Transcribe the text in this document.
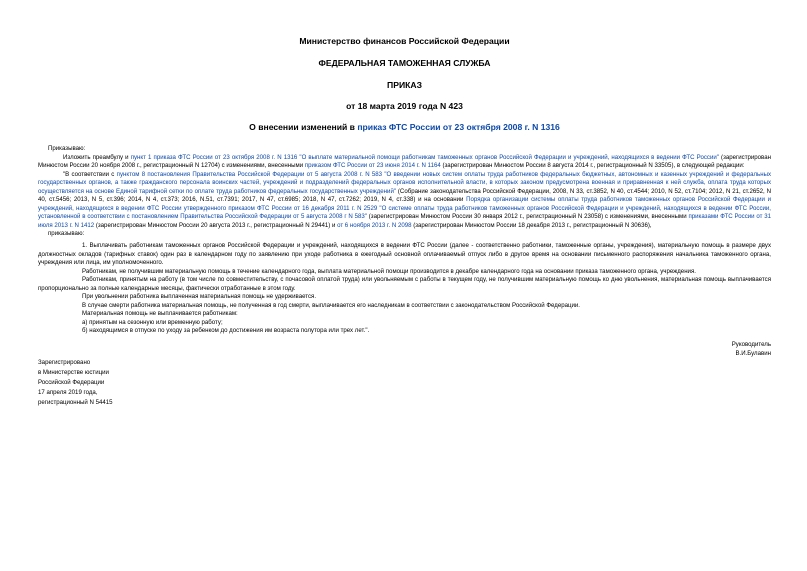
Министерство финансов Российской Федерации
ФЕДЕРАЛЬНАЯ ТАМОЖЕННАЯ СЛУЖБА
ПРИКАЗ
от 18 марта 2019 года N 423
О внесении изменений в приказ ФТС России от 23 октября 2008 г. N 1316

Приказываю:

Изложить преамбулу и пункт 1 приказа ФТС России от 23 октября 2008 г. N 1316 "О выплате материальной помощи работникам таможенных органов Российской Федерации и учреждений, находящихся в ведении ФТС России" (зарегистрирован Минюстом России 20 ноября 2008 г., регистрационный N 12704) с изменениями, внесенными приказом ФТС России от 23 июня 2014 г. N 1164 (зарегистрирован Минюстом России 8 августа 2014 г., регистрационный N 33505), в следующей редакции:

"В соответствии с пунктом 8 постановления Правительства Российской Федерации от 5 августа 2008 г. N 583 "О введении новых систем оплаты труда работников федеральных бюджетных, автономных и казенных учреждений и федеральных государственных органов, а также гражданского персонала воинских частей, учреждений и подразделений федеральных органов исполнительной власти, в которых законом предусмотрена военная и приравненная к ней служба, оплата труда которых осуществляется на основе Единой тарифной сетки по оплате труда работников федеральных государственных учреждений" (Собрание законодательства Российской Федерации, 2008, N 33, ст.3852, N 40, ст.4544; 2010, N 52, ст.7104; 2012, N 21, ст.2652, N 40, ст.5456; 2013, N 5, ст.396; 2014, N 4, ст.373; 2016, N.51, ст.7391; 2017, N 47, ст.6985; 2018, N 47, ст.7262; 2019, N 4, ст.338) и на основании Порядка организации системы оплаты труда работников таможенных органов Российской Федерации и учреждений, находящихся в ведении ФТС России утвержденного приказом ФТС России от 16 декабря 2011 г. N 2529 "О системе оплаты труда работников таможенных органов Российской Федерации и учреждений, находящихся в ведении ФТС России, установленной в соответствии с постановлением Правительства Российской Федерации от 5 августа 2008 г N 583" (зарегистрирован Минюстом России 30 января 2012 г., регистрационный N 23058) с изменениями, внесенными приказами ФТС России от 31 июля 2013 г. N 1412 (зарегистрирован Минюстом России 20 августа 2013 г., регистрационный N 29441) и от 6 ноября 2013 г. N 2098 (зарегистрирован Минюстом России 18 декабря 2013 г., регистрационный N 30636),

приказываю:

1. Выплачивать работникам таможенных органов Российской Федерации и учреждений, находящихся в ведении ФТС России (далее - соответственно работники, таможенные органы, учреждения), материальную помощь в размере двух должностных окладов (тарифных ставок) один раз в календарном году по заявлению при уходе работника в ежегодный основной оплачиваемый отпуск либо в другое время на основании письменного распоряжения начальника таможенного органа, учреждения или лица, им уполномоченного.

Работникам, не получившим материальную помощь в течение календарного года, выплата материальной помощи производится в декабре календарного года на основании приказа таможенного органа, учреждения.

Работникам, принятым на работу (в том числе по совместительству, с почасовой оплатой труда) или увольняемым с работы в текущем году, не получившим материальную помощь ко дню увольнения, материальная помощь выплачивается пропорционально за полные календарные месяцы, фактически отработанные в этом году.

При увольнении работника выплаченная материальная помощь не удерживается.

В случае смерти работника материальная помощь, не полученная в год смерти, выплачивается его наследникам в соответствии с законодательством Российской Федерации.

Материальная помощь не выплачивается работникам:

а) принятым на сезонную или временную работу;

б) находящимся в отпуске по уходу за ребенком до достижения им возраста полутора или трех лет.".

Руководитель
В.И.Булавин
Зарегистрировано
в Министерстве юстиции
Российской Федерации
17 апреля 2019 года,
регистрационный N 54415
